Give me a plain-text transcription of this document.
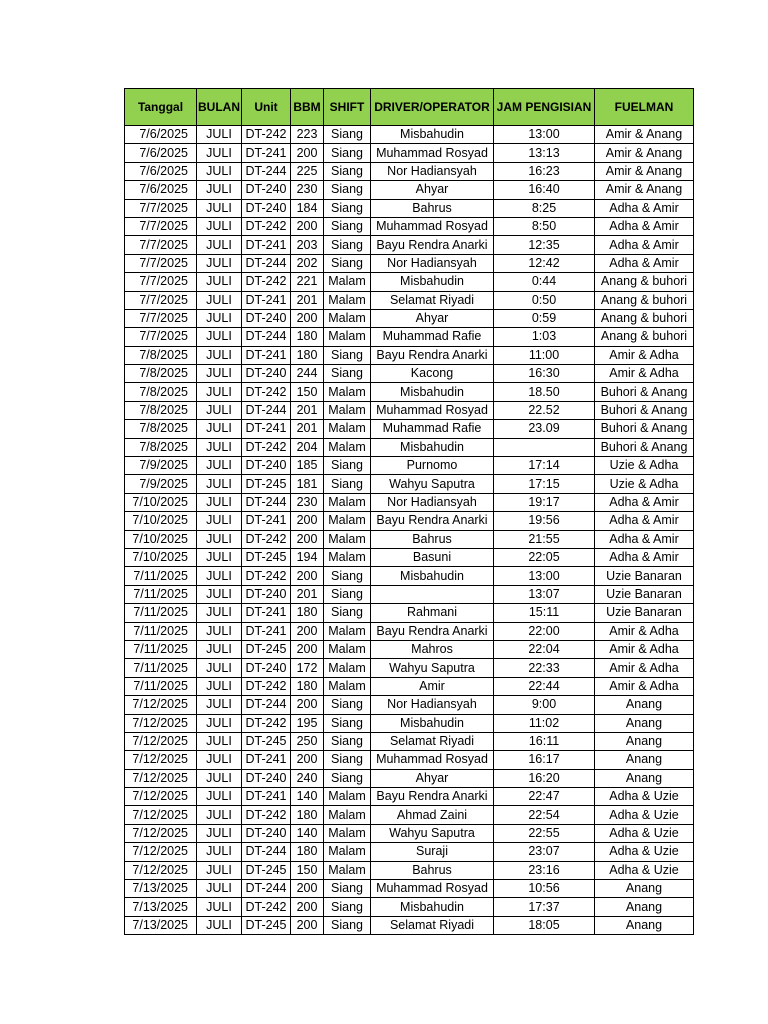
Tanggal	BULAN	Unit	BBM	SHIFT	DRIVER/OPERATOR	JAM PENGISIAN	FUELMAN
7/6/2025	JULI	DT-242	223	Siang	Misbahudin	13:00	Amir & Anang
7/6/2025	JULI	DT-241	200	Siang	Muhammad Rosyad	13:13	Amir & Anang
7/6/2025	JULI	DT-244	225	Siang	Nor Hadiansyah	16:23	Amir & Anang
7/6/2025	JULI	DT-240	230	Siang	Ahyar	16:40	Amir & Anang
7/7/2025	JULI	DT-240	184	Siang	Bahrus	8:25	Adha & Amir
7/7/2025	JULI	DT-242	200	Siang	Muhammad Rosyad	8:50	Adha & Amir
7/7/2025	JULI	DT-241	203	Siang	Bayu Rendra Anarki	12:35	Adha & Amir
7/7/2025	JULI	DT-244	202	Siang	Nor Hadiansyah	12:42	Adha & Amir
7/7/2025	JULI	DT-242	221	Malam	Misbahudin	0:44	Anang & buhori
7/7/2025	JULI	DT-241	201	Malam	Selamat Riyadi	0:50	Anang & buhori
7/7/2025	JULI	DT-240	200	Malam	Ahyar	0:59	Anang & buhori
7/7/2025	JULI	DT-244	180	Malam	Muhammad Rafie	1:03	Anang & buhori
7/8/2025	JULI	DT-241	180	Siang	Bayu Rendra Anarki	11:00	Amir & Adha
7/8/2025	JULI	DT-240	244	Siang	Kacong	16:30	Amir & Adha
7/8/2025	JULI	DT-242	150	Malam	Misbahudin	18.50	Buhori & Anang
7/8/2025	JULI	DT-244	201	Malam	Muhammad Rosyad	22.52	Buhori & Anang
7/8/2025	JULI	DT-241	201	Malam	Muhammad Rafie	23.09	Buhori & Anang
7/8/2025	JULI	DT-242	204	Malam	Misbahudin		Buhori & Anang
7/9/2025	JULI	DT-240	185	Siang	Purnomo	17:14	Uzie & Adha
7/9/2025	JULI	DT-245	181	Siang	Wahyu Saputra	17:15	Uzie & Adha
7/10/2025	JULI	DT-244	230	Malam	Nor Hadiansyah	19:17	Adha & Amir
7/10/2025	JULI	DT-241	200	Malam	Bayu Rendra Anarki	19:56	Adha & Amir
7/10/2025	JULI	DT-242	200	Malam	Bahrus	21:55	Adha & Amir
7/10/2025	JULI	DT-245	194	Malam	Basuni	22:05	Adha & Amir
7/11/2025	JULI	DT-242	200	Siang	Misbahudin	13:00	Uzie Banaran
7/11/2025	JULI	DT-240	201	Siang		13:07	Uzie Banaran
7/11/2025	JULI	DT-241	180	Siang	Rahmani	15:11	Uzie Banaran
7/11/2025	JULI	DT-241	200	Malam	Bayu Rendra Anarki	22:00	Amir & Adha
7/11/2025	JULI	DT-245	200	Malam	Mahros	22:04	Amir & Adha
7/11/2025	JULI	DT-240	172	Malam	Wahyu Saputra	22:33	Amir & Adha
7/11/2025	JULI	DT-242	180	Malam	Amir	22:44	Amir & Adha
7/12/2025	JULI	DT-244	200	Siang	Nor Hadiansyah	9:00	Anang
7/12/2025	JULI	DT-242	195	Siang	Misbahudin	11:02	Anang
7/12/2025	JULI	DT-245	250	Siang	Selamat Riyadi	16:11	Anang
7/12/2025	JULI	DT-241	200	Siang	Muhammad Rosyad	16:17	Anang
7/12/2025	JULI	DT-240	240	Siang	Ahyar	16:20	Anang
7/12/2025	JULI	DT-241	140	Malam	Bayu Rendra Anarki	22:47	Adha & Uzie
7/12/2025	JULI	DT-242	180	Malam	Ahmad Zaini	22:54	Adha & Uzie
7/12/2025	JULI	DT-240	140	Malam	Wahyu Saputra	22:55	Adha & Uzie
7/12/2025	JULI	DT-244	180	Malam	Suraji	23:07	Adha & Uzie
7/12/2025	JULI	DT-245	150	Malam	Bahrus	23:16	Adha & Uzie
7/13/2025	JULI	DT-244	200	Siang	Muhammad Rosyad	10:56	Anang
7/13/2025	JULI	DT-242	200	Siang	Misbahudin	17:37	Anang
7/13/2025	JULI	DT-245	200	Siang	Selamat Riyadi	18:05	Anang
